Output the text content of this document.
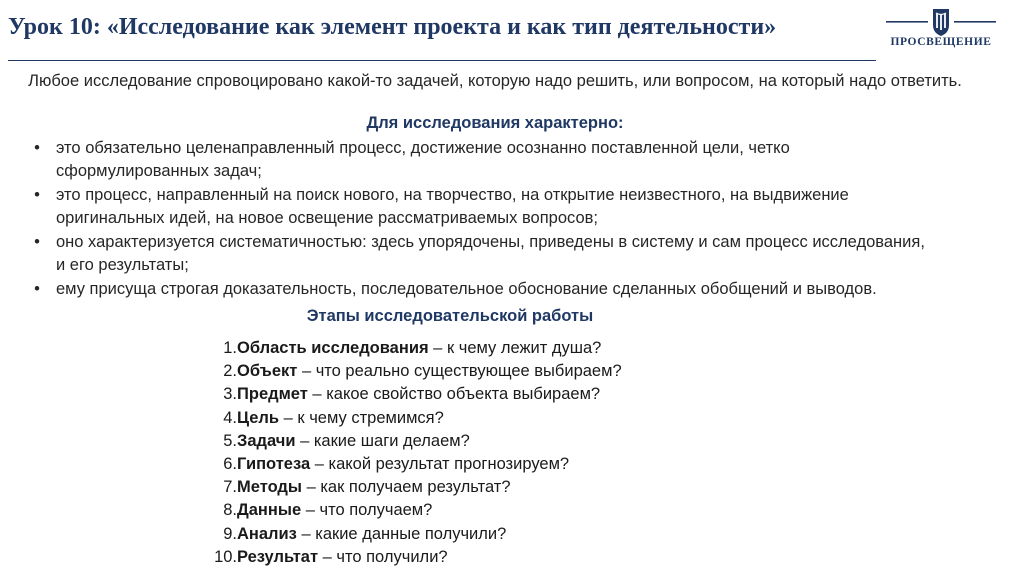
Урок 10: «Исследование как элемент проекта и как тип деятельности»
ПРОСВЕЩЕНИЕ

Любое исследование спровоцировано какой-то задачей, которую надо решить, или вопросом, на который надо ответить.

Для исследования характерно:

• это обязательно целенаправленный процесс, достижение осознанно поставленной цели, четко сформулированных задач;
• это процесс, направленный на поиск нового, на творчество, на открытие неизвестного, на выдвижение оригинальных идей, на новое освещение рассматриваемых вопросов;
• оно характеризуется систематичностью: здесь упорядочены, приведены в систему и сам процесс исследования, и его результаты;
• ему присуща строгая доказательность, последовательное обоснование сделанных обобщений и выводов.

Этапы исследовательской работы

1. Область исследования – к чему лежит душа?
2. Объект – что реально существующее выбираем?
3. Предмет – какое свойство объекта выбираем?
4. Цель – к чему стремимся?
5. Задачи – какие шаги делаем?
6. Гипотеза – какой результат прогнозируем?
7. Методы – как получаем результат?
8. Данные – что получаем?
9. Анализ – какие данные получили?
10. Результат – что получили?
